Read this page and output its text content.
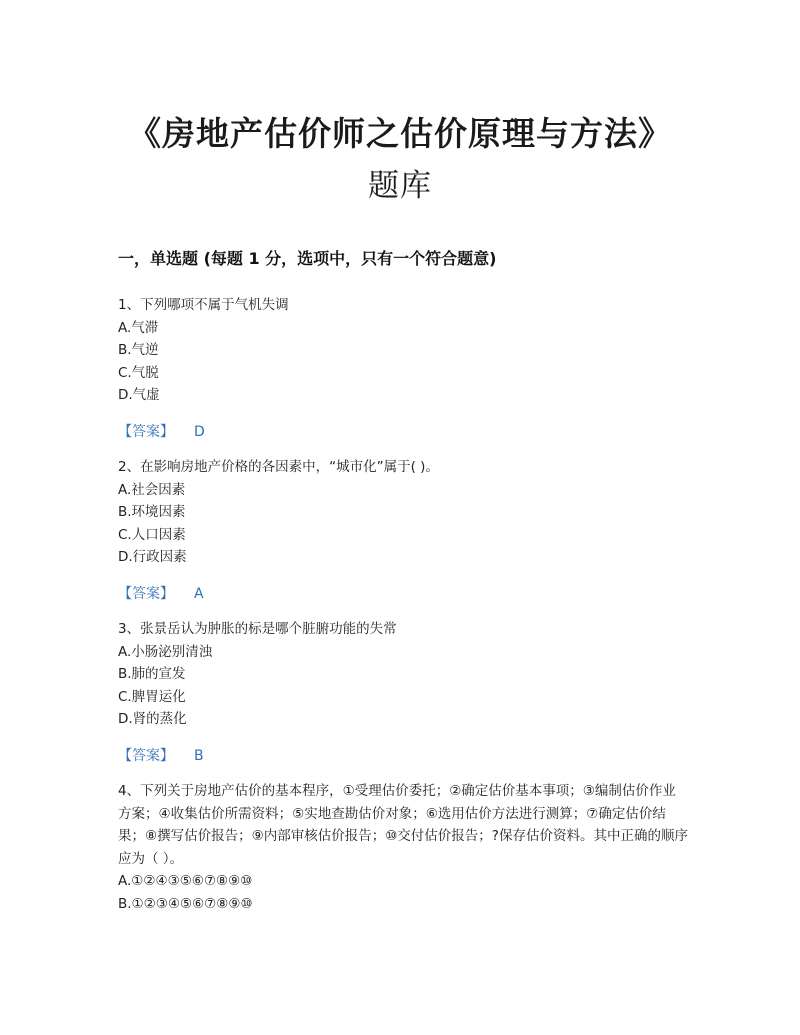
《房地产估价师之估价原理与方法》
题库
一，单选题 (每题 1 分，选项中，只有一个符合题意)
1、下列哪项不属于气机失调
A.气滞
B.气逆
C.气脱
D.气虚
【答案】 D
2、在影响房地产价格的各因素中，“城市化”属于( )。
A.社会因素
B.环境因素
C.人口因素
D.行政因素
【答案】 A
3、张景岳认为肿胀的标是哪个脏腑功能的失常
A.小肠泌别清浊
B.肺的宣发
C.脾胃运化
D.肾的蒸化
【答案】 B
4、下列关于房地产估价的基本程序，①受理估价委托；②确定估价基本事项；③编制估价作业方案；④收集估价所需资料；⑤实地查勘估价对象；⑥选用估价方法进行测算；⑦确定估价结果；⑧撰写估价报告；⑨内部审核估价报告；⑩交付估价报告；?保存估价资料。其中正确的顺序应为（ ）。
A.①②④③⑤⑥⑦⑧⑨⑩
B.①②③④⑤⑥⑦⑧⑨⑩
